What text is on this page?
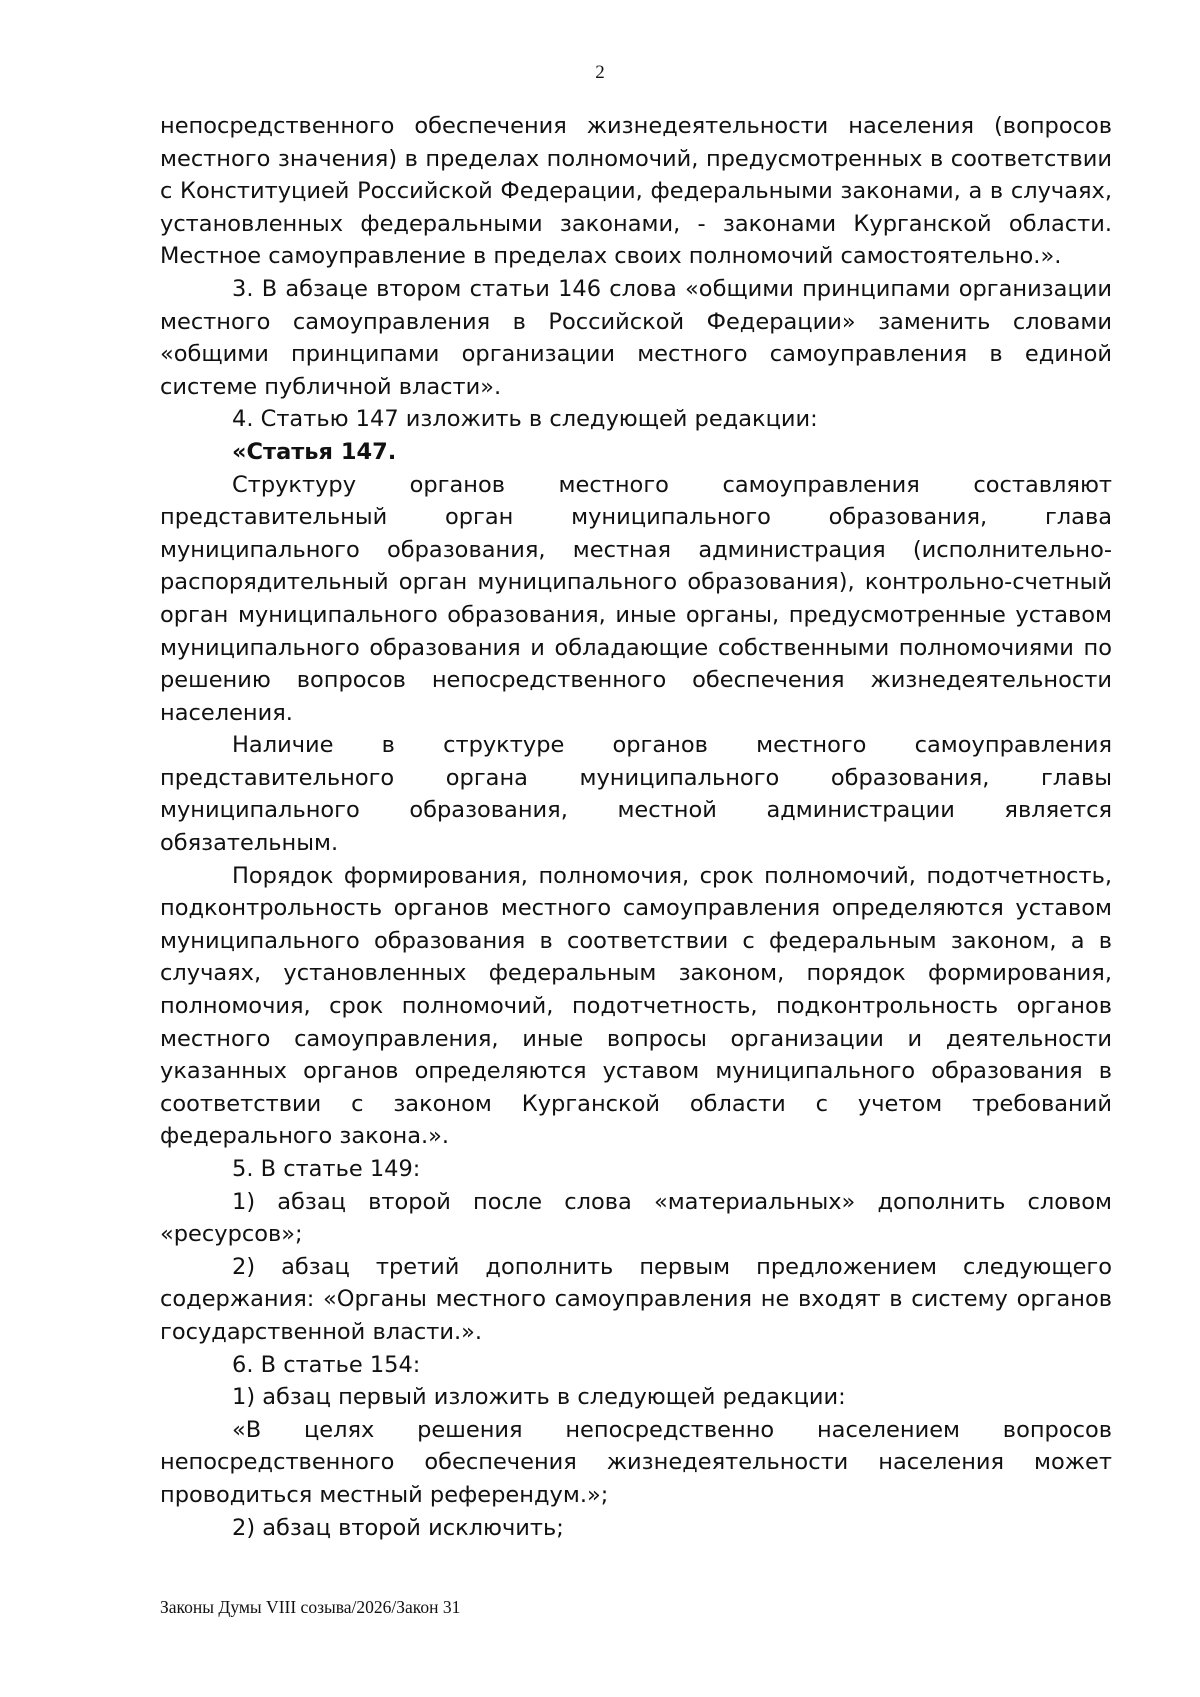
2

непосредственного обеспечения жизнедеятельности населения (вопросов местного значения) в пределах полномочий, предусмотренных в соответствии с Конституцией Российской Федерации, федеральными законами, а в случаях, установленных федеральными законами, - законами Курганской области. Местное самоуправление в пределах своих полномочий самостоятельно.».

3. В абзаце втором статьи 146 слова «общими принципами организации местного самоуправления в Российской Федерации» заменить словами «общими принципами организации местного самоуправления в единой системе публичной власти».

4. Статью 147 изложить в следующей редакции:

«Статья 147.

Структуру органов местного самоуправления составляют представительный орган муниципального образования, глава муниципального образования, местная администрация (исполнительно-распорядительный орган муниципального образования), контрольно-счетный орган муниципального образования, иные органы, предусмотренные уставом муниципального образования и обладающие собственными полномочиями по решению вопросов непосредственного обеспечения жизнедеятельности населения.

Наличие в структуре органов местного самоуправления представительного органа муниципального образования, главы муниципального образования, местной администрации является обязательным.

Порядок формирования, полномочия, срок полномочий, подотчетность, подконтрольность органов местного самоуправления определяются уставом муниципального образования в соответствии с федеральным законом, а в случаях, установленных федеральным законом, порядок формирования, полномочия, срок полномочий, подотчетность, подконтрольность органов местного самоуправления, иные вопросы организации и деятельности указанных органов определяются уставом муниципального образования в соответствии с законом Курганской области с учетом требований федерального закона.».

5. В статье 149:

1) абзац второй после слова «материальных» дополнить словом «ресурсов»;

2) абзац третий дополнить первым предложением следующего содержания: «Органы местного самоуправления не входят в систему органов государственной власти.».

6. В статье 154:

1) абзац первый изложить в следующей редакции:

«В целях решения непосредственно населением вопросов непосредственного обеспечения жизнедеятельности населения может проводиться местный референдум.»;

2) абзац второй исключить;

Законы Думы VIII созыва/2026/Закон 31
